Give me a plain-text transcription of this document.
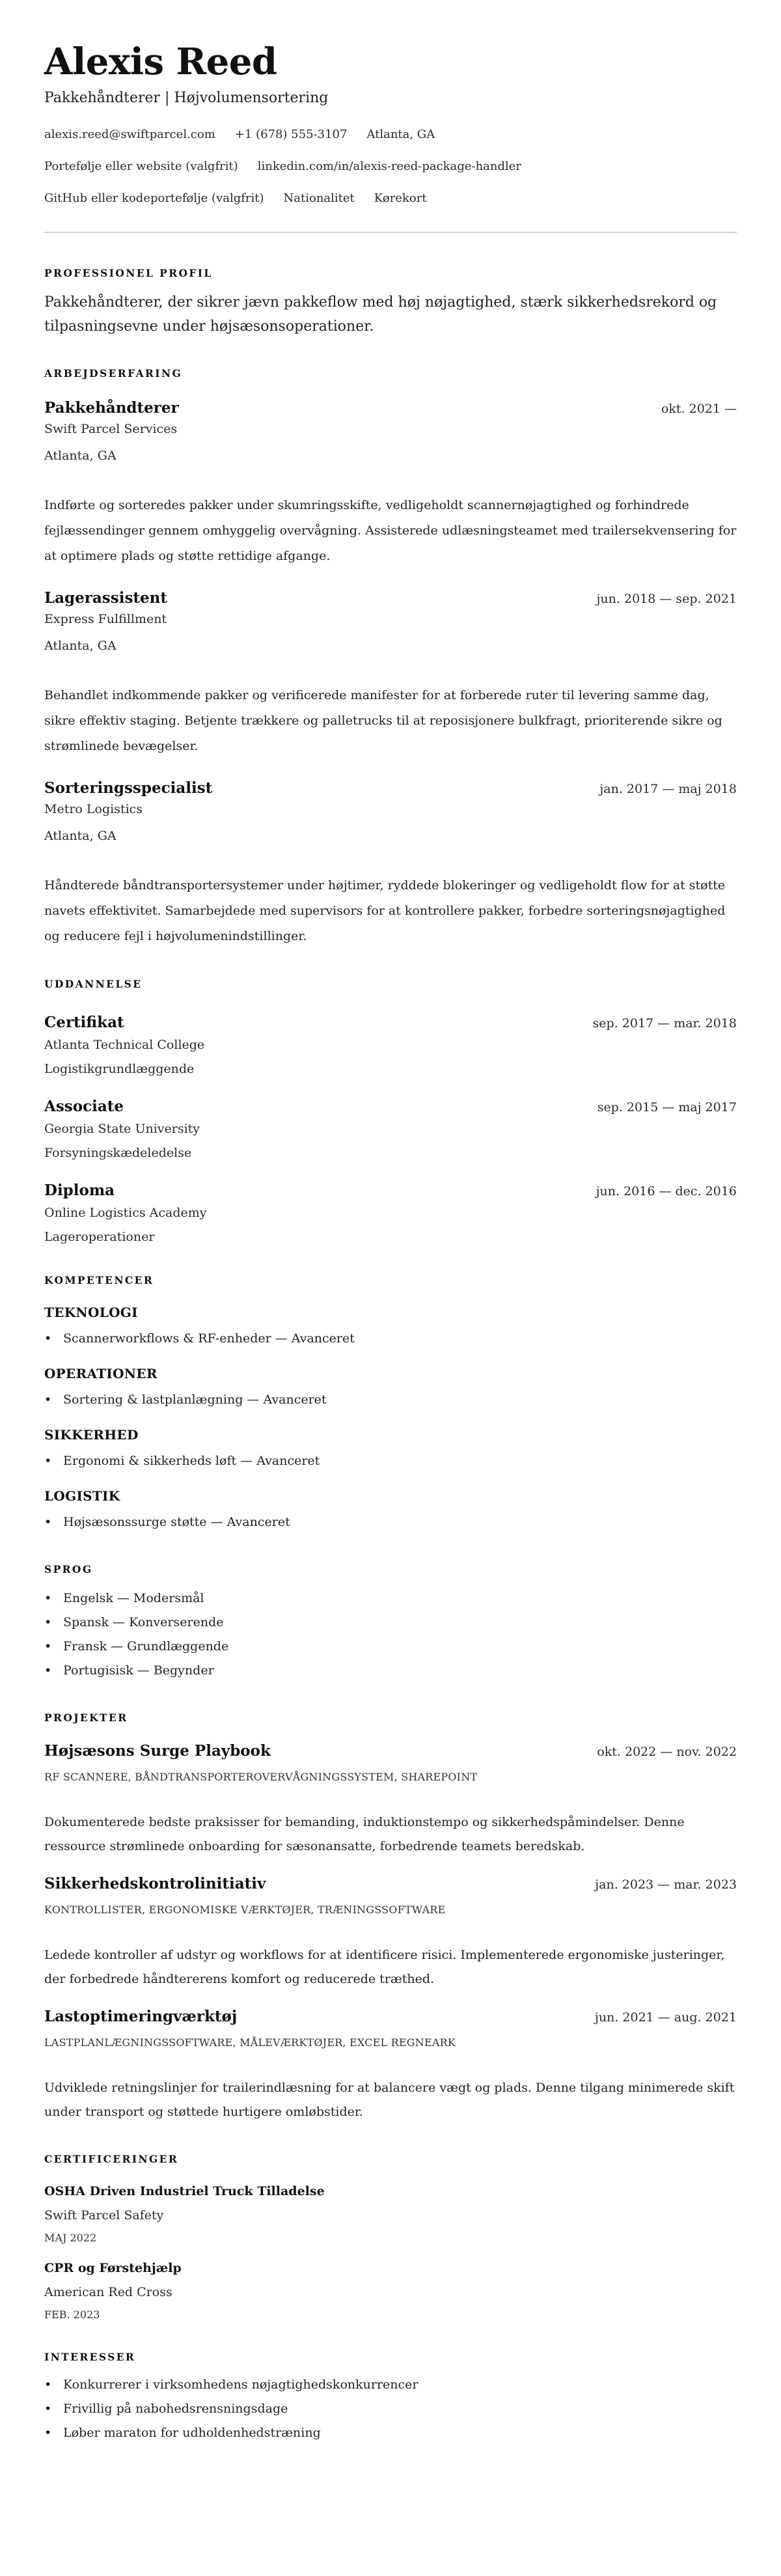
Alexis Reed
Pakkehåndterer | Højvolumensortering
alexis.reed@swiftparcel.com +1 (678) 555-3107 Atlanta, GA
Portefølje eller website (valgfrit) linkedin.com/in/alexis-reed-package-handler
GitHub eller kodeportefølje (valgfrit) Nationalitet Kørekort
PROFESSIONEL PROFIL

Pakkehåndterer, der sikrer jævn pakkeflow med høj nøjagtighed, stærk sikkerhedsrekord og tilpasningsevne under højsæsonsoperationer.

ARBEJDSERFARING
Pakkehåndterer	okt. 2021 —
Swift Parcel Services
Atlanta, GA

Indførte og sorteredes pakker under skumringsskifte, vedligeholdt scannernøjagtighed og forhindrede fejlæssendinger gennem omhyggelig overvågning. Assisterede udlæsningsteamet med trailersekvensering for at optimere plads og støtte rettidige afgange.

Lagerassistent	jun. 2018 — sep. 2021
Express Fulfillment
Atlanta, GA

Behandlet indkommende pakker og verificerede manifester for at forberede ruter til levering samme dag, sikre effektiv staging. Betjente trækkere og palletrucks til at reposisjonere bulkfragt, prioriterende sikre og strømlinede bevægelser.

Sorteringsspecialist	jan. 2017 — maj 2018
Metro Logistics
Atlanta, GA

Håndterede båndtransportersystemer under højtimer, ryddede blokeringer og vedligeholdt flow for at støtte navets effektivitet. Samarbejdede med supervisors for at kontrollere pakker, forbedre sorteringsnøjagtighed og reducere fejl i højvolumenindstillinger.

UDDANNELSE
Certifikat	sep. 2017 — mar. 2018
Atlanta Technical College
Logistikgrundlæggende
Associate	sep. 2015 — maj 2017
Georgia State University
Forsyningskædeledelse
Diploma	jun. 2016 — dec. 2016
Online Logistics Academy
Lageroperationer
KOMPETENCER
TEKNOLOGI
• Scannerworkflows & RF-enheder — Avanceret
OPERATIONER
• Sortering & lastplanlægning — Avanceret
SIKKERHED
• Ergonomi & sikkerheds løft — Avanceret
LOGISTIK
• Højsæsonssurge støtte — Avanceret
SPROG
• Engelsk — Modersmål
• Spansk — Konverserende
• Fransk — Grundlæggende
• Portugisisk — Begynder
PROJEKTER
Højsæsons Surge Playbook	okt. 2022 — nov. 2022
RF SCANNERE, BÅNDTRANSPORTEROVERVÅGNINGSSYSTEM, SHAREPOINT

Dokumenterede bedste praksisser for bemanding, induktionstempo og sikkerhedspåmindelser. Denne ressource strømlinede onboarding for sæsonansatte, forbedrende teamets beredskab.

Sikkerhedskontrolinitiativ	jan. 2023 — mar. 2023
KONTROLLISTER, ERGONOMISKE VÆRKTØJER, TRÆNINGSSOFTWARE

Ledede kontroller af udstyr og workflows for at identificere risici. Implementerede ergonomiske justeringer, der forbedrede håndtererens komfort og reducerede træthed.

Lastoptimeringværktøj	jun. 2021 — aug. 2021
LASTPLANLÆGNINGSSOFTWARE, MÅLEVÆRKTØJER, EXCEL REGNEARK

Udviklede retningslinjer for trailerindlæsning for at balancere vægt og plads. Denne tilgang minimerede skift under transport og støttede hurtigere omløbstider.

CERTIFICERINGER
OSHA Driven Industriel Truck Tilladelse
Swift Parcel Safety
MAJ 2022
CPR og Førstehjælp
American Red Cross
FEB. 2023
INTERESSER
• Konkurrerer i virksomhedens nøjagtighedskonkurrencer
• Frivillig på nabohedsrensningsdage
• Løber maraton for udholdenhedstræning
